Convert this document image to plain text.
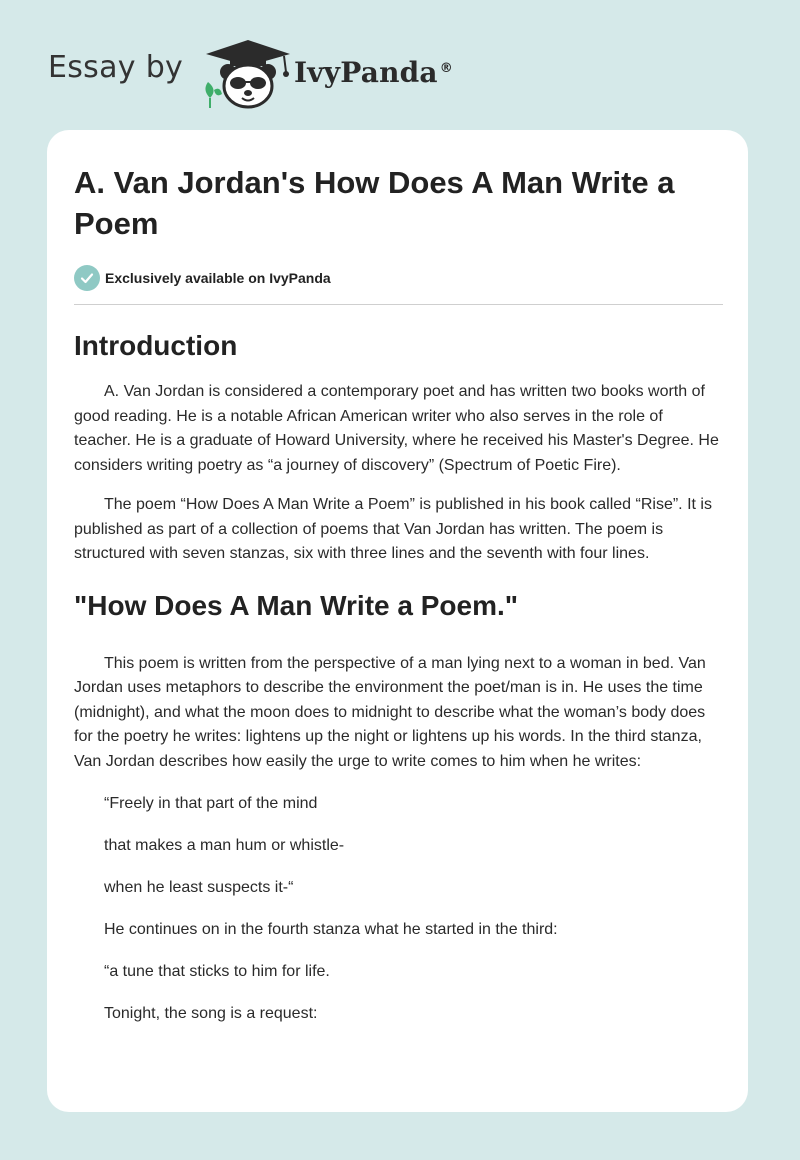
Essay by	IvyPanda ®
A. Van Jordan's How Does A Man Write a Poem
Exclusively available on IvyPanda
Introduction

A. Van Jordan is considered a contemporary poet and has written two books worth of good reading. He is a notable African American writer who also serves in the role of teacher. He is a graduate of Howard University, where he received his Master's Degree. He considers writing poetry as “a journey of discovery” (Spectrum of Poetic Fire).

The poem “How Does A Man Write a Poem” is published in his book called “Rise”. It is published as part of a collection of poems that Van Jordan has written. The poem is structured with seven stanzas, six with three lines and the seventh with four lines.

"How Does A Man Write a Poem."

This poem is written from the perspective of a man lying next to a woman in bed. Van Jordan uses metaphors to describe the environment the poet/man is in. He uses the time (midnight), and what the moon does to midnight to describe what the woman’s body does for the poetry he writes: lightens up the night or lightens up his words. In the third stanza, Van Jordan describes how easily the urge to write comes to him when he writes:

“Freely in that part of the mind

that makes a man hum or whistle-

when he least suspects it-“

He continues on in the fourth stanza what he started in the third:

“a tune that sticks to him for life.

Tonight, the song is a request:
